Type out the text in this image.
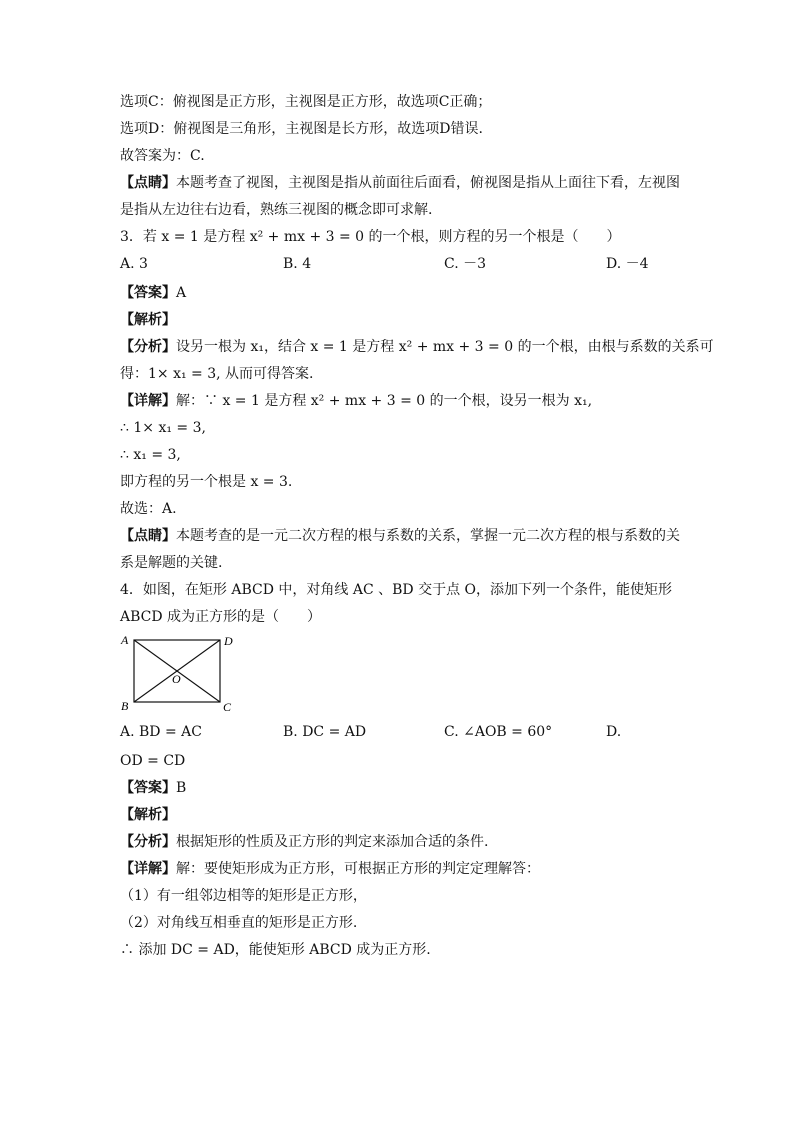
选项C：俯视图是正方形，主视图是正方形，故选项C正确；
选项D：俯视图是三角形，主视图是长方形，故选项D错误.
故答案为：C.
【点睛】本题考查了视图，主视图是指从前面往后面看，俯视图是指从上面往下看，左视图
是指从左边往右边看，熟练三视图的概念即可求解.
3．若 x = 1 是方程 x² + mx + 3 = 0 的一个根，则方程的另一个根是（　　）
A. 3	B. 4	C. －3	D. －4
【答案】A
【解析】
【分析】设另一根为 x₁，结合 x = 1 是方程 x² + mx + 3 = 0 的一个根，由根与系数的关系可
得：1× x₁ = 3, 从而可得答案.
【详解】解：∵ x = 1 是方程 x² + mx + 3 = 0 的一个根，设另一根为 x₁,
∴ 1× x₁ = 3,
∴ x₁ = 3,
即方程的另一个根是 x = 3.
故选：A.
【点睛】本题考查的是一元二次方程的根与系数的关系，掌握一元二次方程的根与系数的关
系是解题的关键.
4．如图，在矩形 ABCD 中，对角线 AC 、BD 交于点 O，添加下列一个条件，能使矩形
ABCD 成为正方形的是（　　）
A	D
B	C
O
A. BD = AC	B. DC = AD	C. ∠AOB = 60°	D.
OD = CD
【答案】B
【解析】
【分析】根据矩形的性质及正方形的判定来添加合适的条件.
【详解】解：要使矩形成为正方形，可根据正方形的判定定理解答：
（1）有一组邻边相等的矩形是正方形，
（2）对角线互相垂直的矩形是正方形.
∴ 添加 DC = AD，能使矩形 ABCD 成为正方形.
